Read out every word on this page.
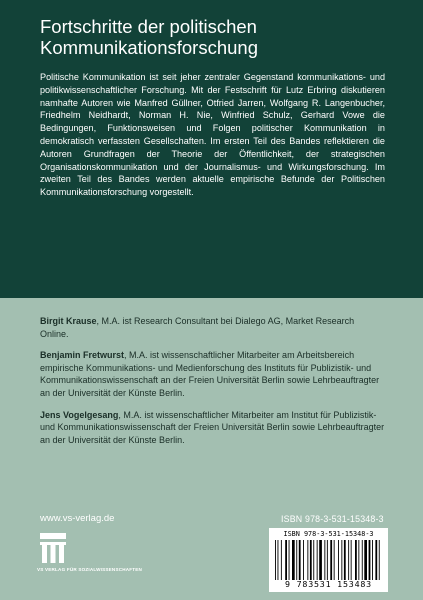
Fortschritte der politischen
Kommunikationsforschung
Politische Kommunikation ist seit jeher zentraler Gegenstand kommunikations- und politikwissenschaftlicher Forschung. Mit der Festschrift für Lutz Erbring diskutieren namhafte Autoren wie Manfred Güllner, Otfried Jarren, Wolfgang R. Langenbucher, Friedhelm Neidhardt, Norman H. Nie, Winfried Schulz, Gerhard Vowe die Bedingungen, Funktionsweisen und Folgen politischer Kommunikation in demokratisch verfassten Gesellschaften. Im ersten Teil des Bandes reflektieren die Autoren Grundfragen der Theorie der Öffentlichkeit, der strategischen Organisationskommunikation und der Journalismus- und Wirkungsforschung. Im zweiten Teil des Bandes werden aktuelle empirische Befunde der Politischen Kommunikationsforschung vorgestellt.

Birgit Krause, M.A. ist Research Consultant bei Dialego AG, Market Research Online.

Benjamin Fretwurst, M.A. ist wissenschaftlicher Mitarbeiter am Arbeitsbereich empirische Kommunikations- und Medienforschung des Instituts für Publizistik- und Kommunikationswissenschaft an der Freien Universität Berlin sowie Lehrbeauftragter an der Universität der Künste Berlin.

Jens Vogelgesang, M.A. ist wissenschaftlicher Mitarbeiter am Institut für Publizistik- und Kommunikationswissenschaft der Freien Universität Berlin sowie Lehrbeauftragter an der Universität der Künste Berlin.

www.vs-verlag.de	ISBN 978-3-531-15348-3
ISBN 978-3-531-15348-3
9 783531 153483
VS VERLAG FÜR SOZIALWISSENSCHAFTEN
